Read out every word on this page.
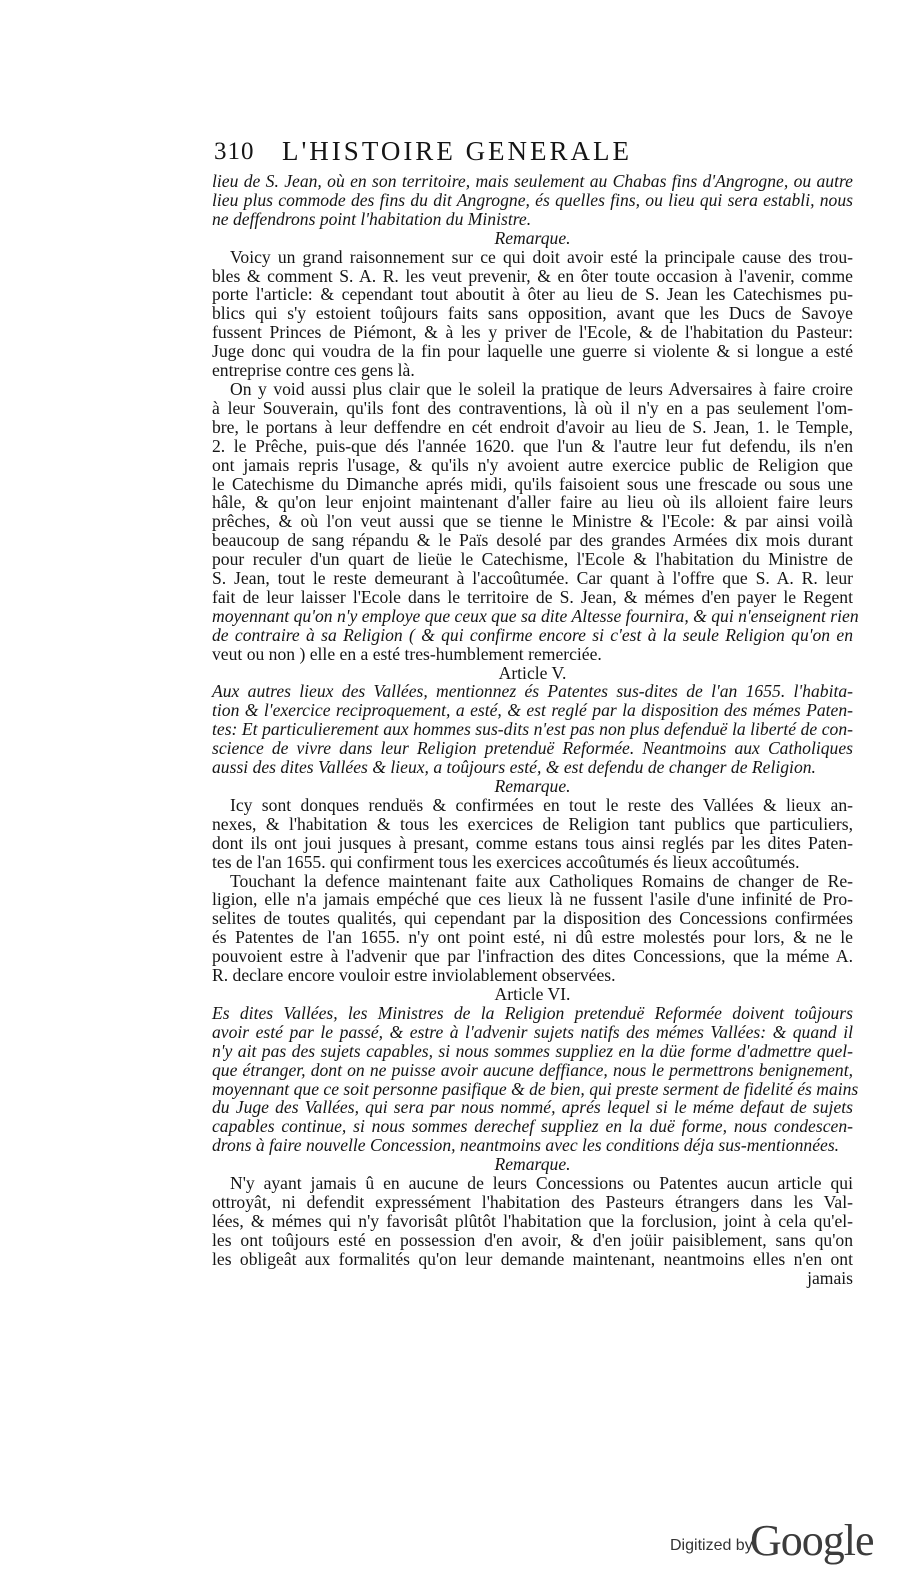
310	L'HISTOIRE GENERALE
lieu de S. Jean, où en son territoire, mais seulement au Chabas fins d'Angrogne, ou autre
lieu plus commode des fins du dit Angrogne, és quelles fins, ou lieu qui sera establi, nous
ne deffendrons point l'habitation du Ministre.
Remarque.
Voicy un grand raisonnement sur ce qui doit avoir esté la principale cause des trou-
bles & comment S. A. R. les veut prevenir, & en ôter toute occasion à l'avenir, comme
porte l'article: & cependant tout aboutit à ôter au lieu de S. Jean les Catechismes pu-
blics qui s'y estoient toûjours faits sans opposition, avant que les Ducs de Savoye
fussent Princes de Piémont, & à les y priver de l'Ecole, & de l'habitation du Pasteur:
Juge donc qui voudra de la fin pour laquelle une guerre si violente & si longue a esté
entreprise contre ces gens là.
On y void aussi plus clair que le soleil la pratique de leurs Adversaires à faire croire
à leur Souverain, qu'ils font des contraventions, là où il n'y en a pas seulement l'om-
bre, le portans à leur deffendre en cét endroit d'avoir au lieu de S. Jean, 1. le Temple,
2. le Prêche, puis-que dés l'année 1620. que l'un & l'autre leur fut defendu, ils n'en
ont jamais repris l'usage, & qu'ils n'y avoient autre exercice public de Religion que
le Catechisme du Dimanche aprés midi, qu'ils faisoient sous une frescade ou sous une
hâle, & qu'on leur enjoint maintenant d'aller faire au lieu où ils alloient faire leurs
prêches, & où l'on veut aussi que se tienne le Ministre & l'Ecole: & par ainsi voilà
beaucoup de sang répandu & le Païs desolé par des grandes Armées dix mois durant
pour reculer d'un quart de lieüe le Catechisme, l'Ecole & l'habitation du Ministre de
S. Jean, tout le reste demeurant à l'accoûtumée. Car quant à l'offre que S. A. R. leur
fait de leur laisser l'Ecole dans le territoire de S. Jean, & mémes d'en payer le Regent
moyennant qu'on n'y employe que ceux que sa dite Altesse fournira, & qui n'enseignent rien
de contraire à sa Religion ( & qui confirme encore si c'est à la seule Religion qu'on en
veut ou non ) elle en a esté tres-humblement remerciée.
Article V.
Aux autres lieux des Vallées, mentionnez és Patentes sus-dites de l'an 1655. l'habita-
tion & l'exercice reciproquement, a esté, & est reglé par la disposition des mémes Paten-
tes: Et particulierement aux hommes sus-dits n'est pas non plus defenduë la liberté de con-
science de vivre dans leur Religion pretenduë Reformée. Neantmoins aux Catholiques
aussi des dites Vallées & lieux, a toûjours esté, & est defendu de changer de Religion.
Remarque.
Icy sont donques renduës & confirmées en tout le reste des Vallées & lieux an-
nexes, & l'habitation & tous les exercices de Religion tant publics que particuliers,
dont ils ont joui jusques à presant, comme estans tous ainsi reglés par les dites Paten-
tes de l'an 1655. qui confirment tous les exercices accoûtumés és lieux accoûtumés.
Touchant la defence maintenant faite aux Catholiques Romains de changer de Re-
ligion, elle n'a jamais empéché que ces lieux là ne fussent l'asile d'une infinité de Pro-
selites de toutes qualités, qui cependant par la disposition des Concessions confirmées
és Patentes de l'an 1655. n'y ont point esté, ni dû estre molestés pour lors, & ne le
pouvoient estre à l'advenir que par l'infraction des dites Concessions, que la méme A.
R. declare encore vouloir estre inviolablement observées.
Article VI.
Es dites Vallées, les Ministres de la Religion pretenduë Reformée doivent toûjours
avoir esté par le passé, & estre à l'advenir sujets natifs des mémes Vallées: & quand il
n'y ait pas des sujets capables, si nous sommes suppliez en la düe forme d'admettre quel-
que étranger, dont on ne puisse avoir aucune deffiance, nous le permettrons benignement,
moyennant que ce soit personne pasifique & de bien, qui preste serment de fidelité és mains
du Juge des Vallées, qui sera par nous nommé, aprés lequel si le méme defaut de sujets
capables continue, si nous sommes derechef suppliez en la duë forme, nous condescen-
drons à faire nouvelle Concession, neantmoins avec les conditions déja sus-mentionnées.
Remarque.
N'y ayant jamais û en aucune de leurs Concessions ou Patentes aucun article qui
ottroyât, ni defendit expressément l'habitation des Pasteurs étrangers dans les Val-
lées, & mémes qui n'y favorisât plûtôt l'habitation que la forclusion, joint à cela qu'el-
les ont toûjours esté en possession d'en avoir, & d'en joüir paisiblement, sans qu'on
les obligeât aux formalités qu'on leur demande maintenant, neantmoins elles n'en ont
jamais
Digitized by
Google
